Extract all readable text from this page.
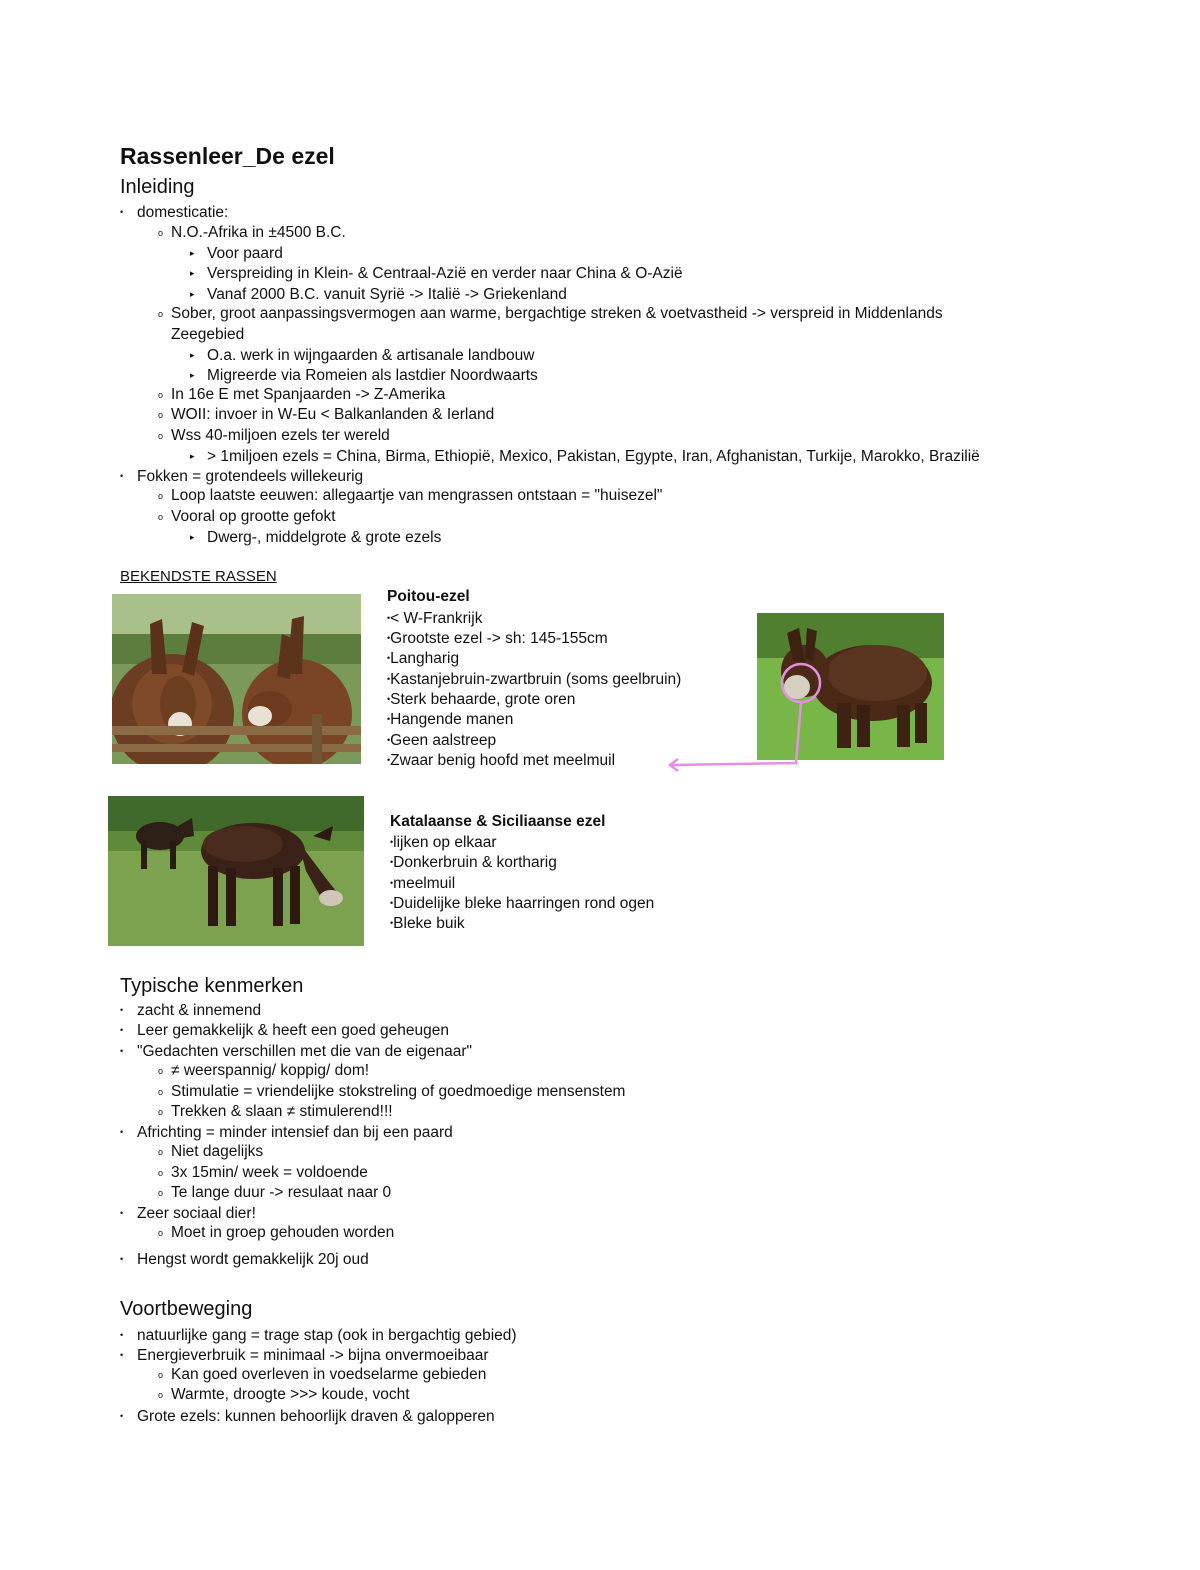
Rassenleer_De ezel
Inleiding
• domesticatie:
o N.O.-Afrika in ±4500 B.C.
▸ Voor paard
▸ Verspreiding in Klein- & Centraal-Azië en verder naar China & O-Azië
▸ Vanaf 2000 B.C. vanuit Syrië -> Italië -> Griekenland
o Sober, groot aanpassingsvermogen aan warme, bergachtige streken & voetvastheid -> verspreid in Middenlands
Zeegebied
▸ O.a. werk in wijngaarden & artisanale landbouw
▸ Migreerde via Romeien als lastdier Noordwaarts
o In 16e E met Spanjaarden -> Z-Amerika
o WOII: invoer in W-Eu < Balkanlanden & Ierland
o Wss 40-miljoen ezels ter wereld
▸ > 1miljoen ezels = China, Birma, Ethiopië, Mexico, Pakistan, Egypte, Iran, Afghanistan, Turkije, Marokko, Brazilië
• Fokken = grotendeels willekeurig
o Loop laatste eeuwen: allegaartje van mengrassen ontstaan = "huisezel"
o Vooral op grootte gefokt
▸ Dwerg-, middelgrote & grote ezels
BEKENDSTE RASSEN
Poitou-ezel
•< W-Frankrijk
•Grootste ezel -> sh: 145-155cm
•Langharig
•Kastanjebruin-zwartbruin (soms geelbruin)
•Sterk behaarde, grote oren
•Hangende manen
•Geen aalstreep
•Zwaar benig hoofd met meelmuil
Katalaanse & Siciliaanse ezel
•lijken op elkaar
•Donkerbruin & kortharig
•meelmuil
•Duidelijke bleke haarringen rond ogen
•Bleke buik
Typische kenmerken
• zacht & innemend
• Leer gemakkelijk & heeft een goed geheugen
• "Gedachten verschillen met die van de eigenaar"
o ≠ weerspannig/ koppig/ dom!
o Stimulatie = vriendelijke stokstreling of goedmoedige mensenstem
o Trekken & slaan ≠ stimulerend!!!
• Africhting = minder intensief dan bij een paard
o Niet dagelijks
o 3x 15min/ week = voldoende
o Te lange duur -> resulaat naar 0
• Zeer sociaal dier!
o Moet in groep gehouden worden
• Hengst wordt gemakkelijk 20j oud
Voortbeweging
• natuurlijke gang = trage stap (ook in bergachtig gebied)
• Energieverbruik = minimaal -> bijna onvermoeibaar
o Kan goed overleven in voedselarme gebieden
o Warmte, droogte >>> koude, vocht
• Grote ezels: kunnen behoorlijk draven & galopperen
